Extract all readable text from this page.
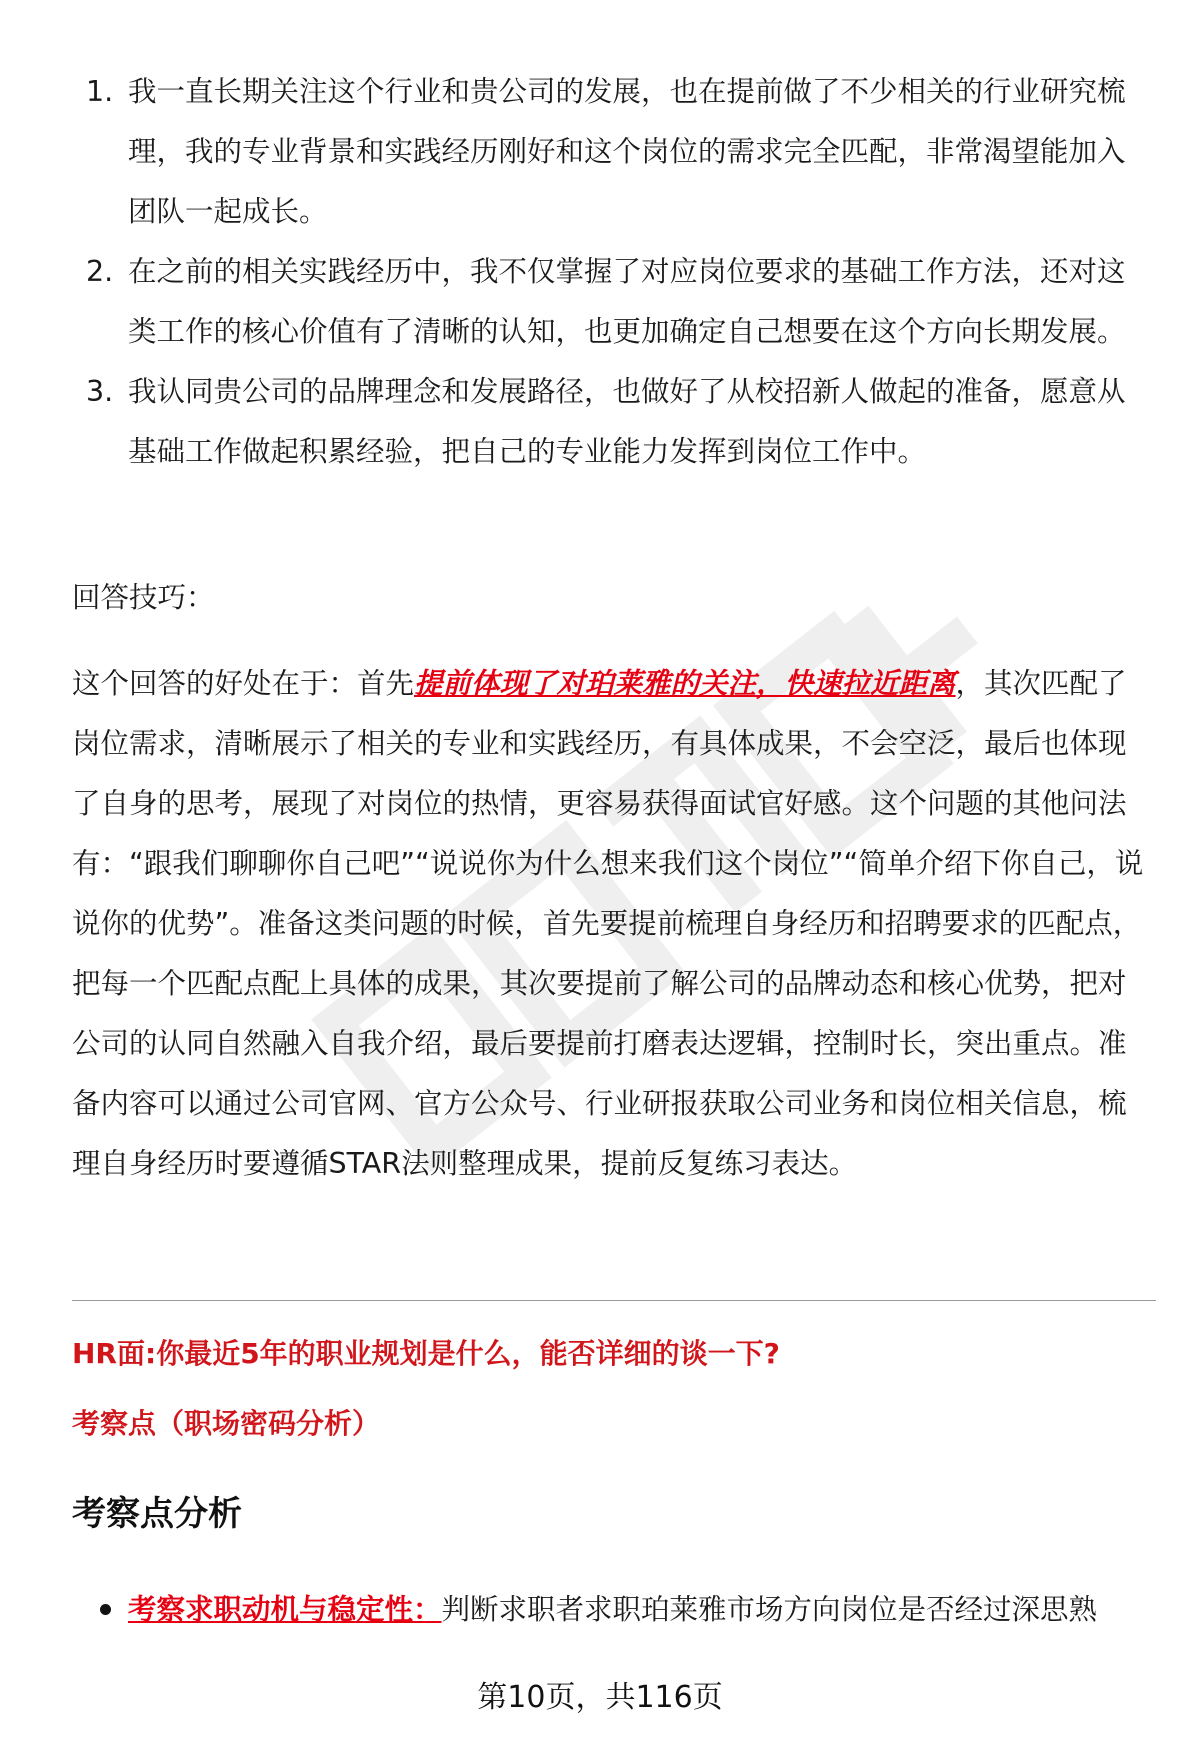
1. 我一直长期关注这个行业和贵公司的发展，也在提前做了不少相关的行业研究梳理，我的专业背景和实践经历刚好和这个岗位的需求完全匹配，非常渴望能加入团队一起成长。
2. 在之前的相关实践经历中，我不仅掌握了对应岗位要求的基础工作方法，还对这类工作的核心价值有了清晰的认知，也更加确定自己想要在这个方向长期发展。
3. 我认同贵公司的品牌理念和发展路径，也做好了从校招新人做起的准备，愿意从基础工作做起积累经验，把自己的专业能力发挥到岗位工作中。

回答技巧：

这个回答的好处在于：首先提前体现了对珀莱雅的关注，快速拉近距离，其次匹配了岗位需求，清晰展示了相关的专业和实践经历，有具体成果，不会空泛，最后也体现了自身的思考，展现了对岗位的热情，更容易获得面试官好感。这个问题的其他问法有：“跟我们聊聊你自己吧”“说说你为什么想来我们这个岗位”“简单介绍下你自己，说说你的优势”。准备这类问题的时候，首先要提前梳理自身经历和招聘要求的匹配点，把每一个匹配点配上具体的成果，其次要提前了解公司的品牌动态和核心优势，把对公司的认同自然融入自我介绍，最后要提前打磨表达逻辑，控制时长，突出重点。准备内容可以通过公司官网、官方公众号、行业研报获取公司业务和岗位相关信息，梳理自身经历时要遵循STAR法则整理成果，提前反复练习表达。

HR面:你最近5年的职业规划是什么，能否详细的谈一下?
考察点（职场密码分析）
考察点分析
考察求职动机与稳定性：判断求职者求职珀莱雅市场方向岗位是否经过深思熟
第10页，共116页
